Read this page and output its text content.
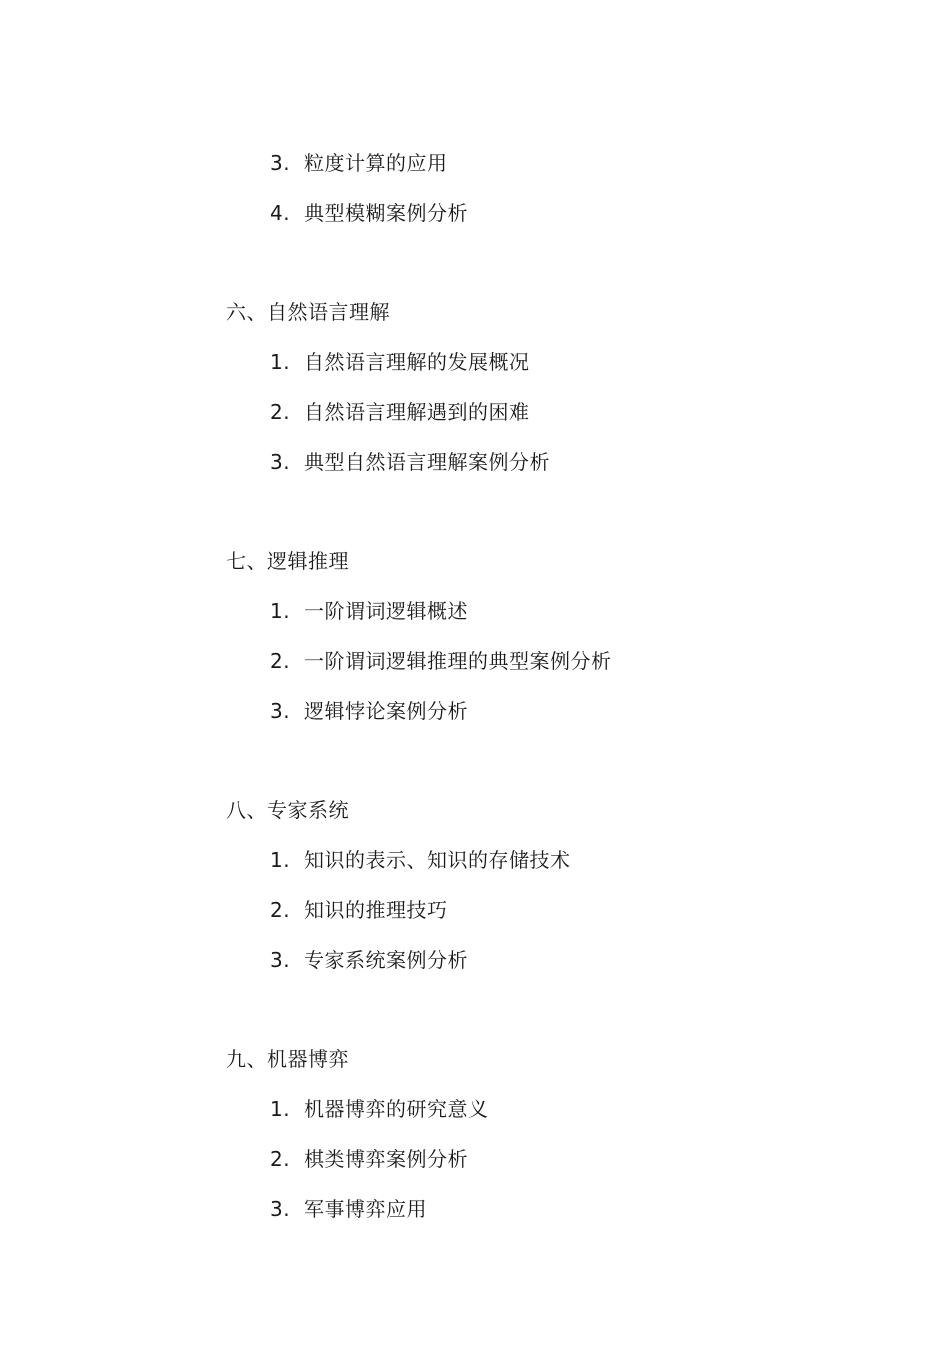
3. 粒度计算的应用
4. 典型模糊案例分析
六、自然语言理解
1. 自然语言理解的发展概况
2. 自然语言理解遇到的困难
3. 典型自然语言理解案例分析
七、逻辑推理
1. 一阶谓词逻辑概述
2. 一阶谓词逻辑推理的典型案例分析
3. 逻辑悖论案例分析
八、专家系统
1. 知识的表示、知识的存储技术
2. 知识的推理技巧
3. 专家系统案例分析
九、机器博弈
1. 机器博弈的研究意义
2. 棋类博弈案例分析
3. 军事博弈应用
